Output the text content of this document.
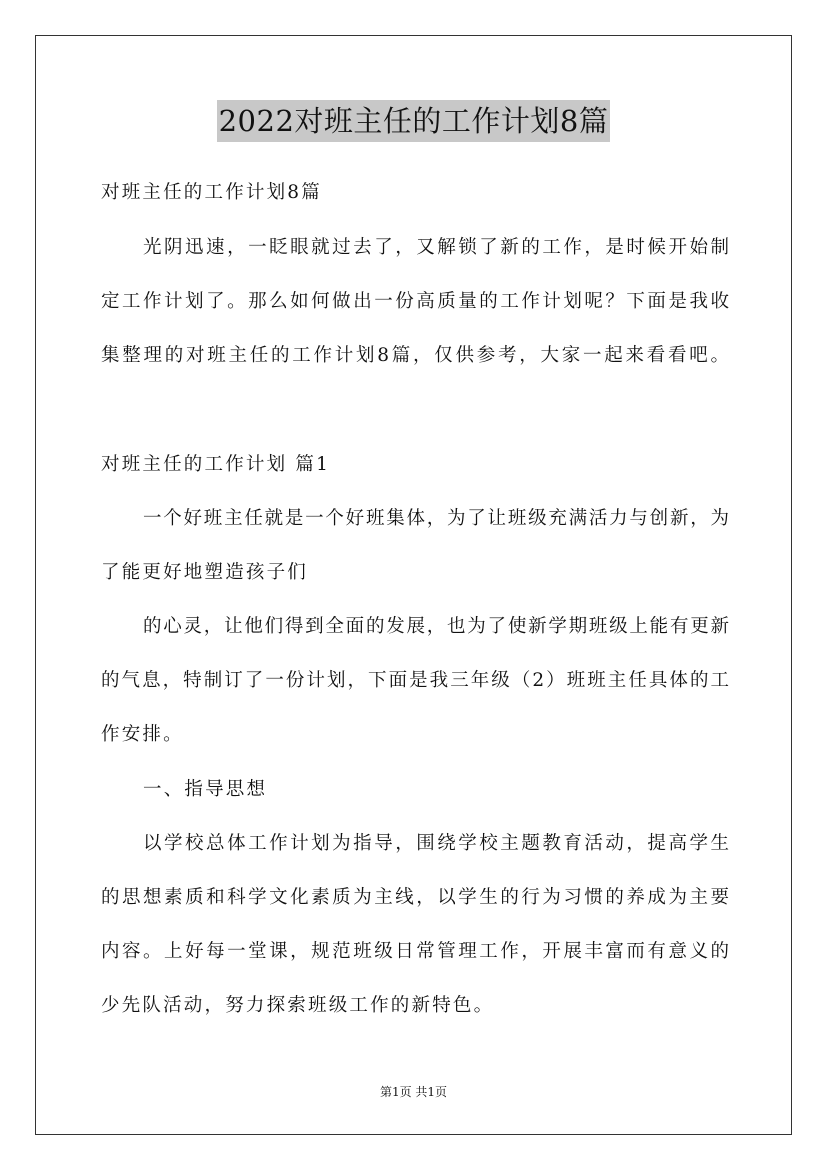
2022对班主任的工作计划8篇
对班主任的工作计划8篇
光阴迅速，一眨眼就过去了，又解锁了新的工作，是时候开始制
定工作计划了。那么如何做出一份高质量的工作计划呢？下面是我收
集整理的对班主任的工作计划8篇，仅供参考，大家一起来看看吧。
对班主任的工作计划 篇1
一个好班主任就是一个好班集体，为了让班级充满活力与创新，为
了能更好地塑造孩子们
的心灵，让他们得到全面的发展，也为了使新学期班级上能有更新
的气息，特制订了一份计划，下面是我三年级（2）班班主任具体的工
作安排。
一、指导思想
以学校总体工作计划为指导，围绕学校主题教育活动，提高学生
的思想素质和科学文化素质为主线，以学生的行为习惯的养成为主要
内容。上好每一堂课，规范班级日常管理工作，开展丰富而有意义的
少先队活动，努力探索班级工作的新特色。
第1页 共1页
